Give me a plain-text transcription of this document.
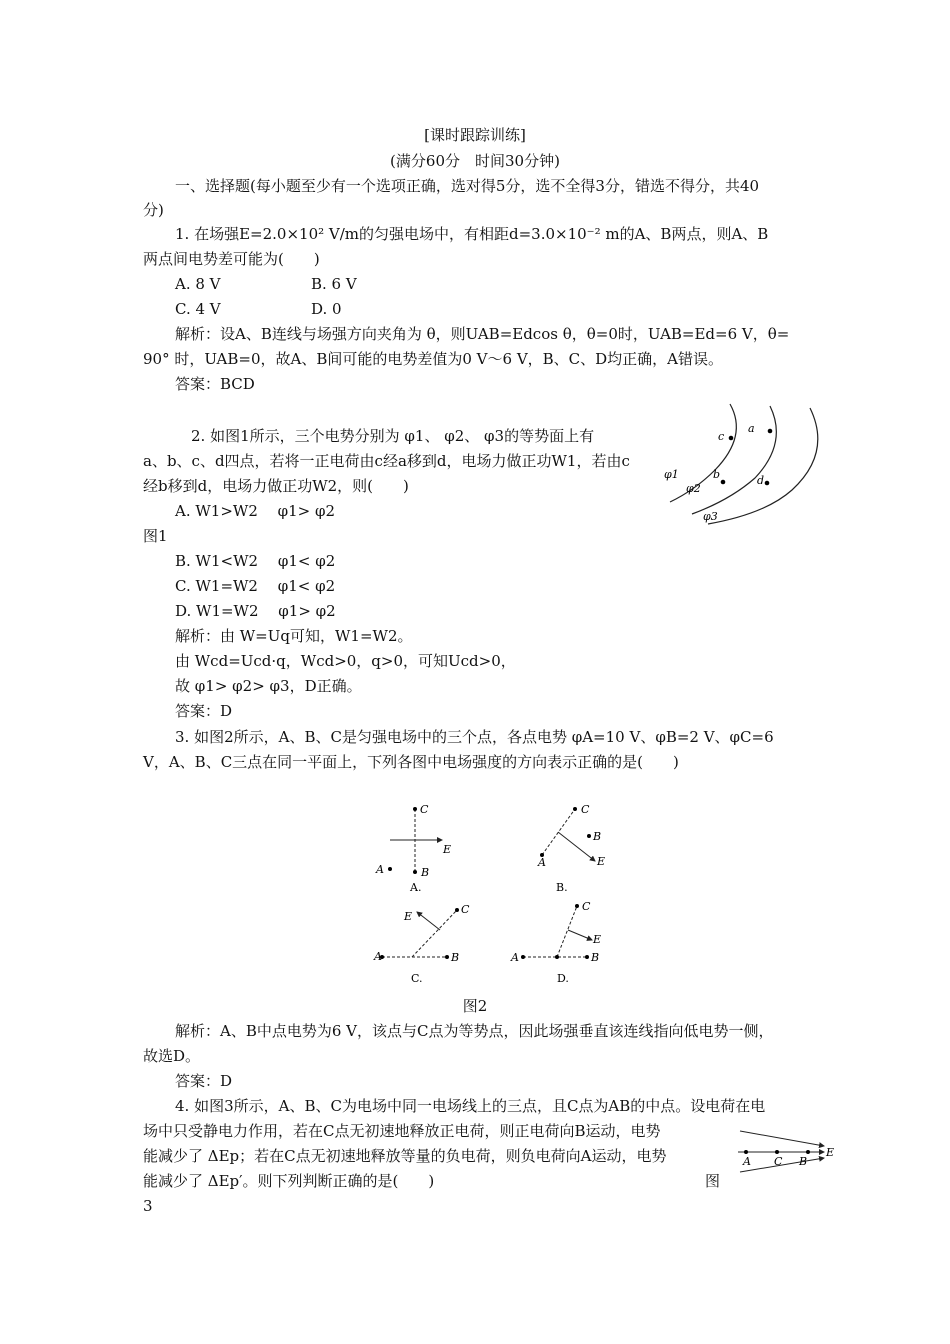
[课时跟踪训练]
(满分60分　时间30分钟)
一、选择题(每小题至少有一个选项正确，选对得5分，选不全得3分，错选不得分，共40
分)
1. 在场强E=2.0×10² V/m的匀强电场中，有相距d=3.0×10⁻² m的A、B两点，则A、B
两点间电势差可能为(　　)
A. 8 V	B. 6 V
C. 4 V	D. 0
解析：设A、B连线与场强方向夹角为 θ，则UAB=Edcos θ，θ=0时，UAB=Ed=6 V，θ=
90° 时，UAB=0，故A、B间可能的电势差值为0 V～6 V，B、C、D均正确，A错误。
答案：BCD
2. 如图1所示，三个电势分别为 φ1、 φ2、 φ3的等势面上有
a、b、c、d四点，若将一正电荷由c经a移到d，电场力做正功W1，若由c
经b移到d，电场力做正功W2，则(　　)
A. W1>W2　 φ1> φ2
图1
B. W1<W2　 φ1< φ2
C. W1=W2　 φ1< φ2
D. W1=W2　 φ1> φ2
解析：由 W=Uq可知，W1=W2。
由 Wcd=Ucd·q，Wcd>0，q>0，可知Ucd>0，
故 φ1> φ2> φ3，D正确。
答案：D
c
a
b	d
φ1
φ2
φ3
3. 如图2所示，A、B、C是匀强电场中的三个点，各点电势 φA=10 V、φB=2 V、φC=6
V，A、B、C三点在同一平面上，下列各图中电场强度的方向表示正确的是(　　)
C
A	B
E
A.
C
A
B
E
B.
A	B
C
E
C.
A	B
C
E
D.
图2
解析：A、B中点电势为6 V，该点与C点为等势点，因此场强垂直该连线指向低电势一侧，
故选D。
答案：D
4. 如图3所示，A、B、C为电场中同一电场线上的三点，且C点为AB的中点。设电荷在电
场中只受静电力作用，若在C点无初速地释放正电荷，则正电荷向B运动，电势
能减少了 ΔEp；若在C点无初速地释放等量的负电荷，则负电荷向A运动，电势
能减少了 ΔEp′。则下列判断正确的是(　　)	图
3
A C B
E
